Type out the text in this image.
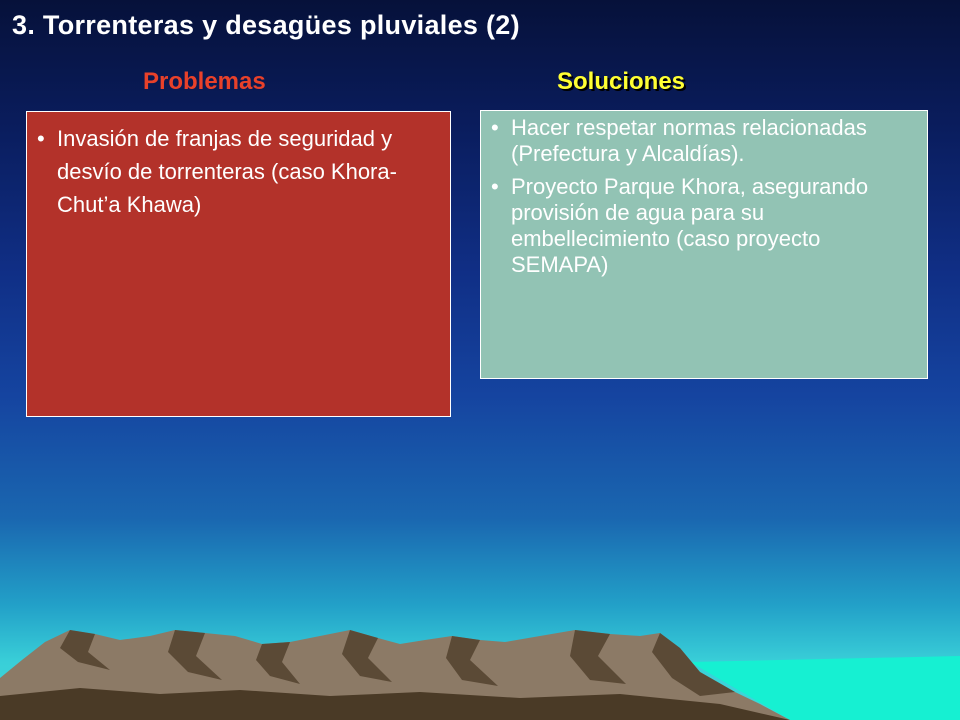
3. Torrenteras y desagües pluviales (2)
Problemas	Soluciones
• Invasión de franjas de seguridad y desvío de torrenteras (caso Khora-Chut’a Khawa)
• Hacer respetar normas relacionadas (Prefectura y Alcaldías).
• Proyecto Parque Khora, asegurando provisión de agua para su embellecimiento (caso proyecto SEMAPA)
